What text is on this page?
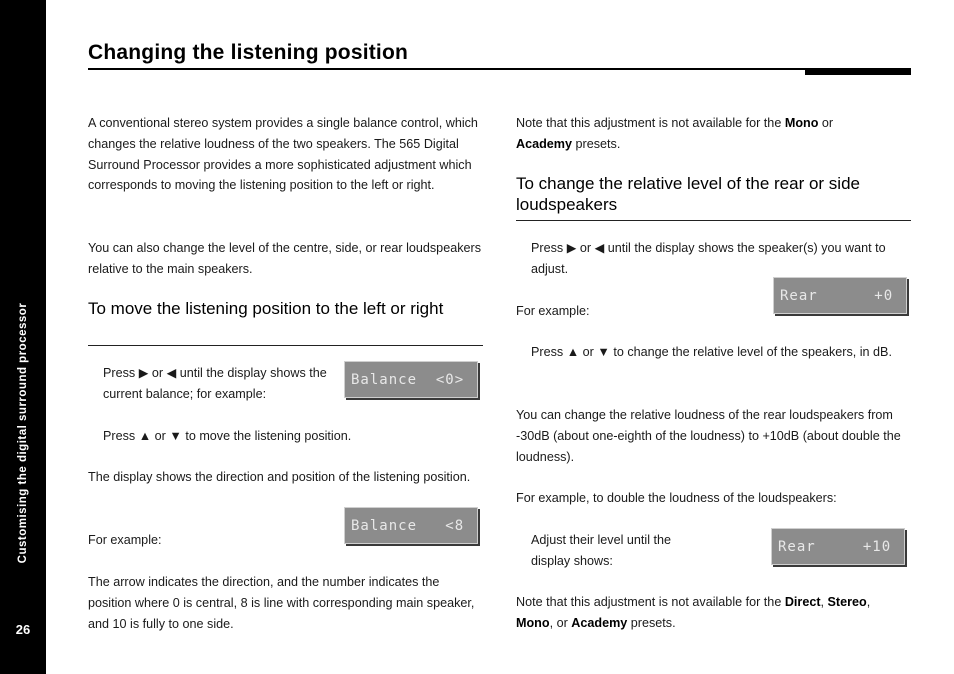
Customising the digital surround processor
26
Changing the listening position
A conventional stereo system provides a single balance control, which changes the relative loudness of the two speakers. The 565 Digital Surround Processor provides a more sophisticated adjustment which corresponds to moving the listening position to the left or right.
You can also change the level of the centre, side, or rear loudspeakers relative to the main speakers.
To move the listening position to the left or right
Press ▶ or ◀ until the display shows the current balance; for example:
Balance  <0>
Press ▲ or ▼ to move the listening position.
The display shows the direction and position of the listening position.
For example:
Balance   <8
The arrow indicates the direction, and the number indicates the position where 0 is central, 8 is line with corresponding main speaker, and 10 is fully to one side.
Note that this adjustment is not available for the Mono or
Academy presets.
To change the relative level of the rear or side loudspeakers
Press ▶ or ◀ until the display shows the speaker(s) you want to adjust.
For example:
Rear      +0
Press ▲ or ▼ to change the relative level of the speakers, in dB.
You can change the relative loudness of the rear loudspeakers from -30dB (about one-eighth of the loudness) to +10dB (about double the loudness).
For example, to double the loudness of the loudspeakers:
Adjust their level until the display shows:
Rear     +10
Note that this adjustment is not available for the Direct, Stereo,
Mono, or Academy presets.
